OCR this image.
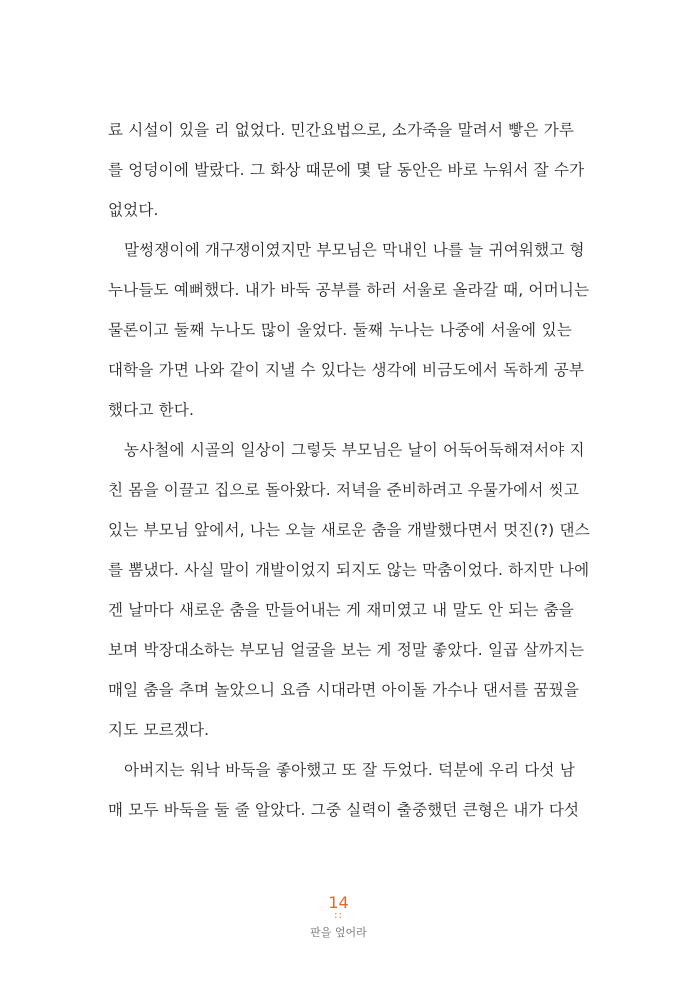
료 시설이 있을 리 없었다. 민간요법으로, 소가죽을 말려서 빻은 가루
를 엉덩이에 발랐다. 그 화상 때문에 몇 달 동안은 바로 누워서 잘 수가
없었다.
말썽쟁이에 개구쟁이였지만 부모님은 막내인 나를 늘 귀여워했고 형
누나들도 예뻐했다. 내가 바둑 공부를 하러 서울로 올라갈 때, 어머니는
물론이고 둘째 누나도 많이 울었다. 둘째 누나는 나중에 서울에 있는
대학을 가면 나와 같이 지낼 수 있다는 생각에 비금도에서 독하게 공부
했다고 한다.
농사철에 시골의 일상이 그렇듯 부모님은 날이 어둑어둑해져서야 지
친 몸을 이끌고 집으로 돌아왔다. 저녁을 준비하려고 우물가에서 씻고
있는 부모님 앞에서, 나는 오늘 새로운 춤을 개발했다면서 멋진(?) 댄스
를 뽐냈다. 사실 말이 개발이었지 되지도 않는 막춤이었다. 하지만 나에
겐 날마다 새로운 춤을 만들어내는 게 재미였고 내 말도 안 되는 춤을
보며 박장대소하는 부모님 얼굴을 보는 게 정말 좋았다. 일곱 살까지는
매일 춤을 추며 놀았으니 요즘 시대라면 아이돌 가수나 댄서를 꿈꿨을
지도 모르겠다.
아버지는 워낙 바둑을 좋아했고 또 잘 두었다. 덕분에 우리 다섯 남
매 모두 바둑을 둘 줄 알았다. 그중 실력이 출중했던 큰형은 내가 다섯
14
::
판을 엎어라
